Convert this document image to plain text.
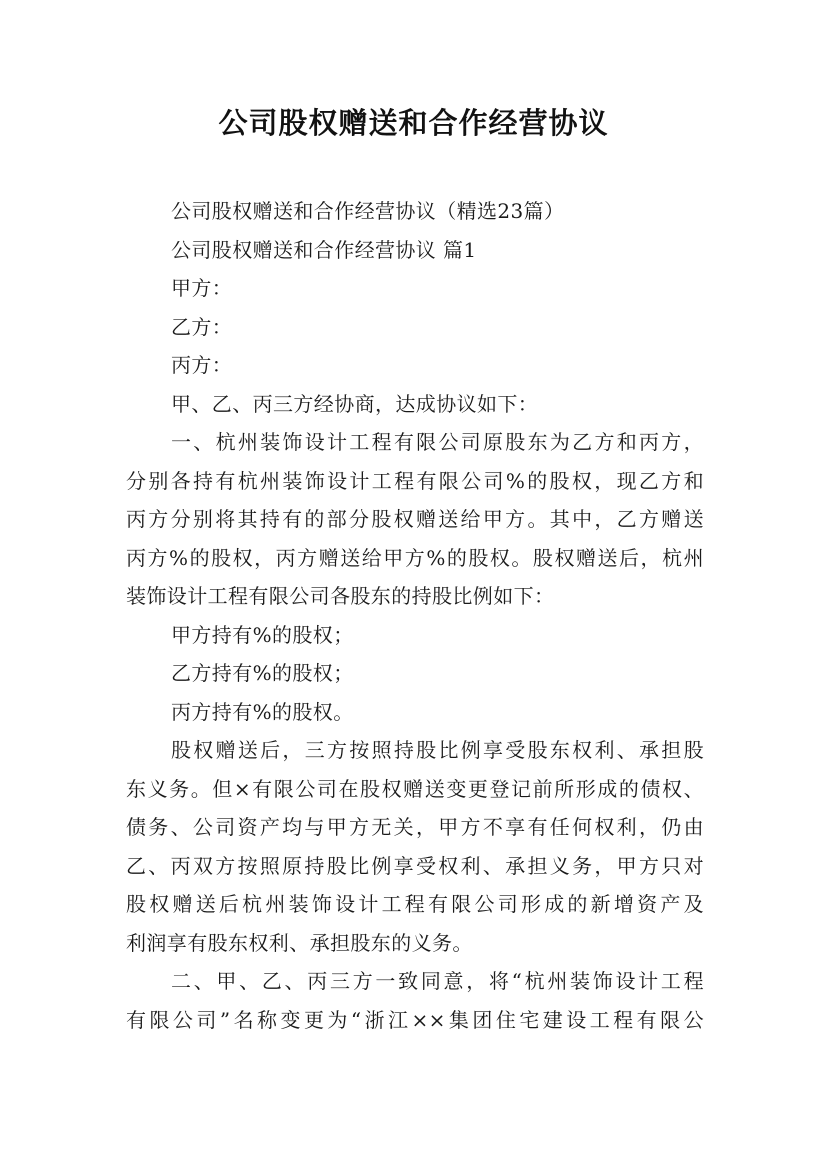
公司股权赠送和合作经营协议

公司股权赠送和合作经营协议（精选23篇）

公司股权赠送和合作经营协议 篇1

甲方：

乙方：

丙方：

甲、乙、丙三方经协商，达成协议如下：

一、杭州装饰设计工程有限公司原股东为乙方和丙方，

分别各持有杭州装饰设计工程有限公司%的股权，现乙方和

丙方分别将其持有的部分股权赠送给甲方。其中，乙方赠送

丙方%的股权，丙方赠送给甲方%的股权。股权赠送后，杭州

装饰设计工程有限公司各股东的持股比例如下：

甲方持有%的股权；

乙方持有%的股权；

丙方持有%的股权。

股权赠送后，三方按照持股比例享受股东权利、承担股

东义务。但×有限公司在股权赠送变更登记前所形成的债权、

债务、公司资产均与甲方无关，甲方不享有任何权利，仍由

乙、丙双方按照原持股比例享受权利、承担义务，甲方只对

股权赠送后杭州装饰设计工程有限公司形成的新增资产及

利润享有股东权利、承担股东的义务。

二、甲、乙、丙三方一致同意，将“杭州装饰设计工程

有限公司”名称变更为“浙江××集团住宅建设工程有限公
